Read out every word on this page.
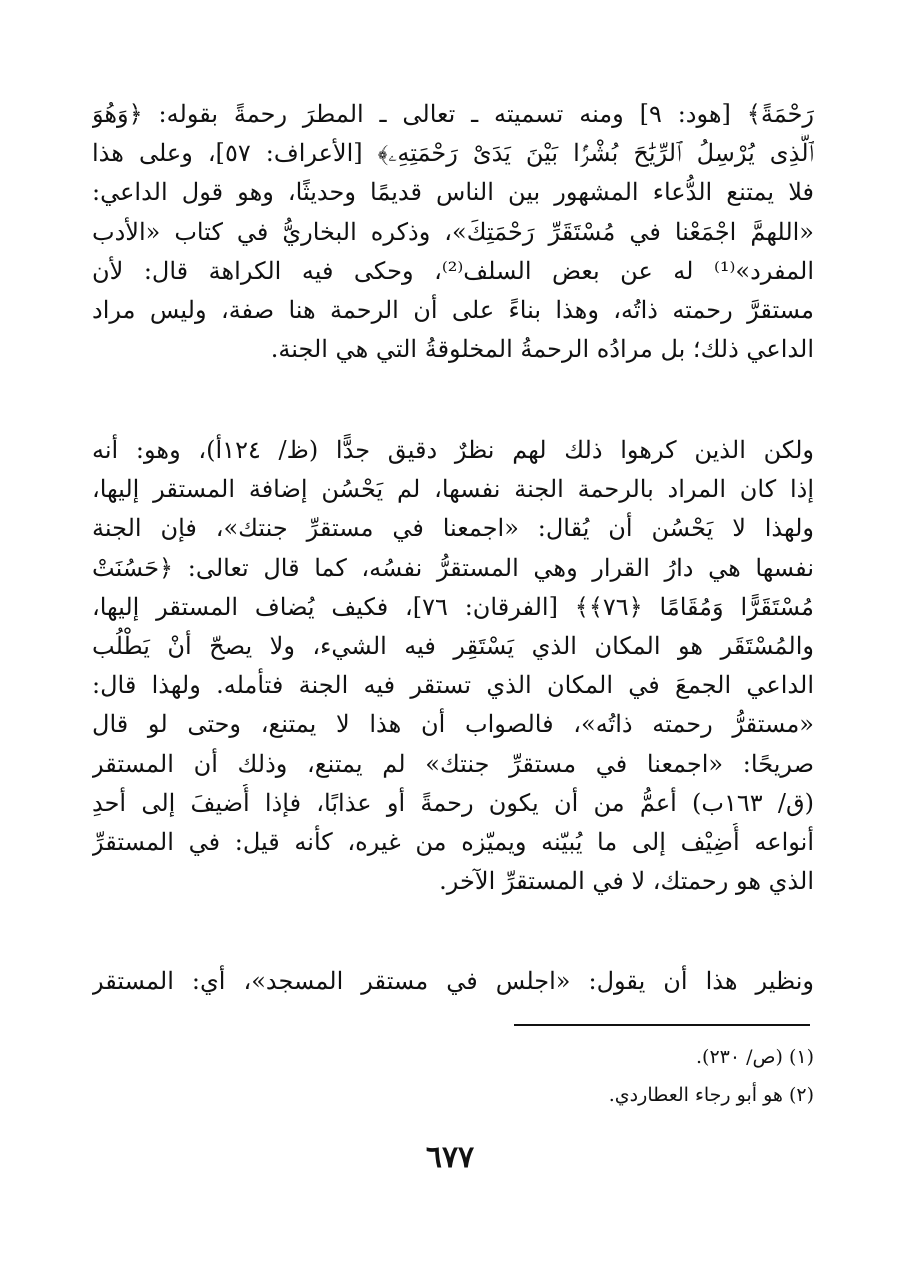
رَحْمَةً﴾ [هود: ٩] ومنه تسميته ـ تعالى ـ المطرَ رحمةً بقوله: ﴿وَهُوَ
ٱلَّذِى يُرْسِلُ ٱلرِّيَٰحَ بُشْرًۢا بَيْنَ يَدَىْ رَحْمَتِهِۦ﴾ [الأعراف: ٥٧]، وعلى هذا
فلا يمتنع الدُّعاء المشهور بين الناس قديمًا وحديثًا، وهو قول الداعي:
«اللهمَّ اجْمَعْنا في مُسْتَقَرِّ رَحْمَتِكَ»، وذكره البخاريُّ في كتاب «الأدب
المفرد»⁽¹⁾ له عن بعض السلف⁽²⁾، وحكى فيه الكراهة قال: لأن
مستقرَّ رحمته ذاتُه، وهذا بناءً على أن الرحمة هنا صفة، وليس مراد
الداعي ذلك؛ بل مرادُه الرحمةُ المخلوقةُ التي هي الجنة.
ولكن الذين كرهوا ذلك لهم نظرٌ دقيق جدًّا (ظ/ ١٢٤أ)، وهو: أنه
إذا كان المراد بالرحمة الجنة نفسها، لم يَحْسُن إضافة المستقر إليها،
ولهذا لا يَحْسُن أن يُقال: «اجمعنا في مستقرِّ جنتك»، فإن الجنة
نفسها هي دارُ القرار وهي المستقرُّ نفسُه، كما قال تعالى: ﴿حَسُنَتْ
مُسْتَقَرًّا وَمُقَامًا ﴿٧٦﴾﴾ [الفرقان: ٧٦]، فكيف يُضاف المستقر إليها،
والمُسْتَقَر هو المكان الذي يَسْتَقِر فيه الشيء، ولا يصحّ أنْ يَطْلُب
الداعي الجمعَ في المكان الذي تستقر فيه الجنة فتأمله. ولهذا قال:
«مستقرُّ رحمته ذاتُه»، فالصواب أن هذا لا يمتنع، وحتى لو قال
صريحًا: «اجمعنا في مستقرِّ جنتك» لم يمتنع، وذلك أن المستقر
(ق/ ١٦٣ب) أعمُّ من أن يكون رحمةً أو عذابًا، فإذا أُضيفَ إلى أحدِ
أنواعه أُضِيْف إلى ما يُبيّنه ويميّزه من غيره، كأنه قيل: في المستقرِّ
الذي هو رحمتك، لا في المستقرِّ الآخر.
ونظير هذا أن يقول: «اجلس في مستقر المسجد»، أي: المستقر
(١) (ص/ ٢٣٠).
(٢) هو أبو رجاء العطاردي.
٦٧٧
